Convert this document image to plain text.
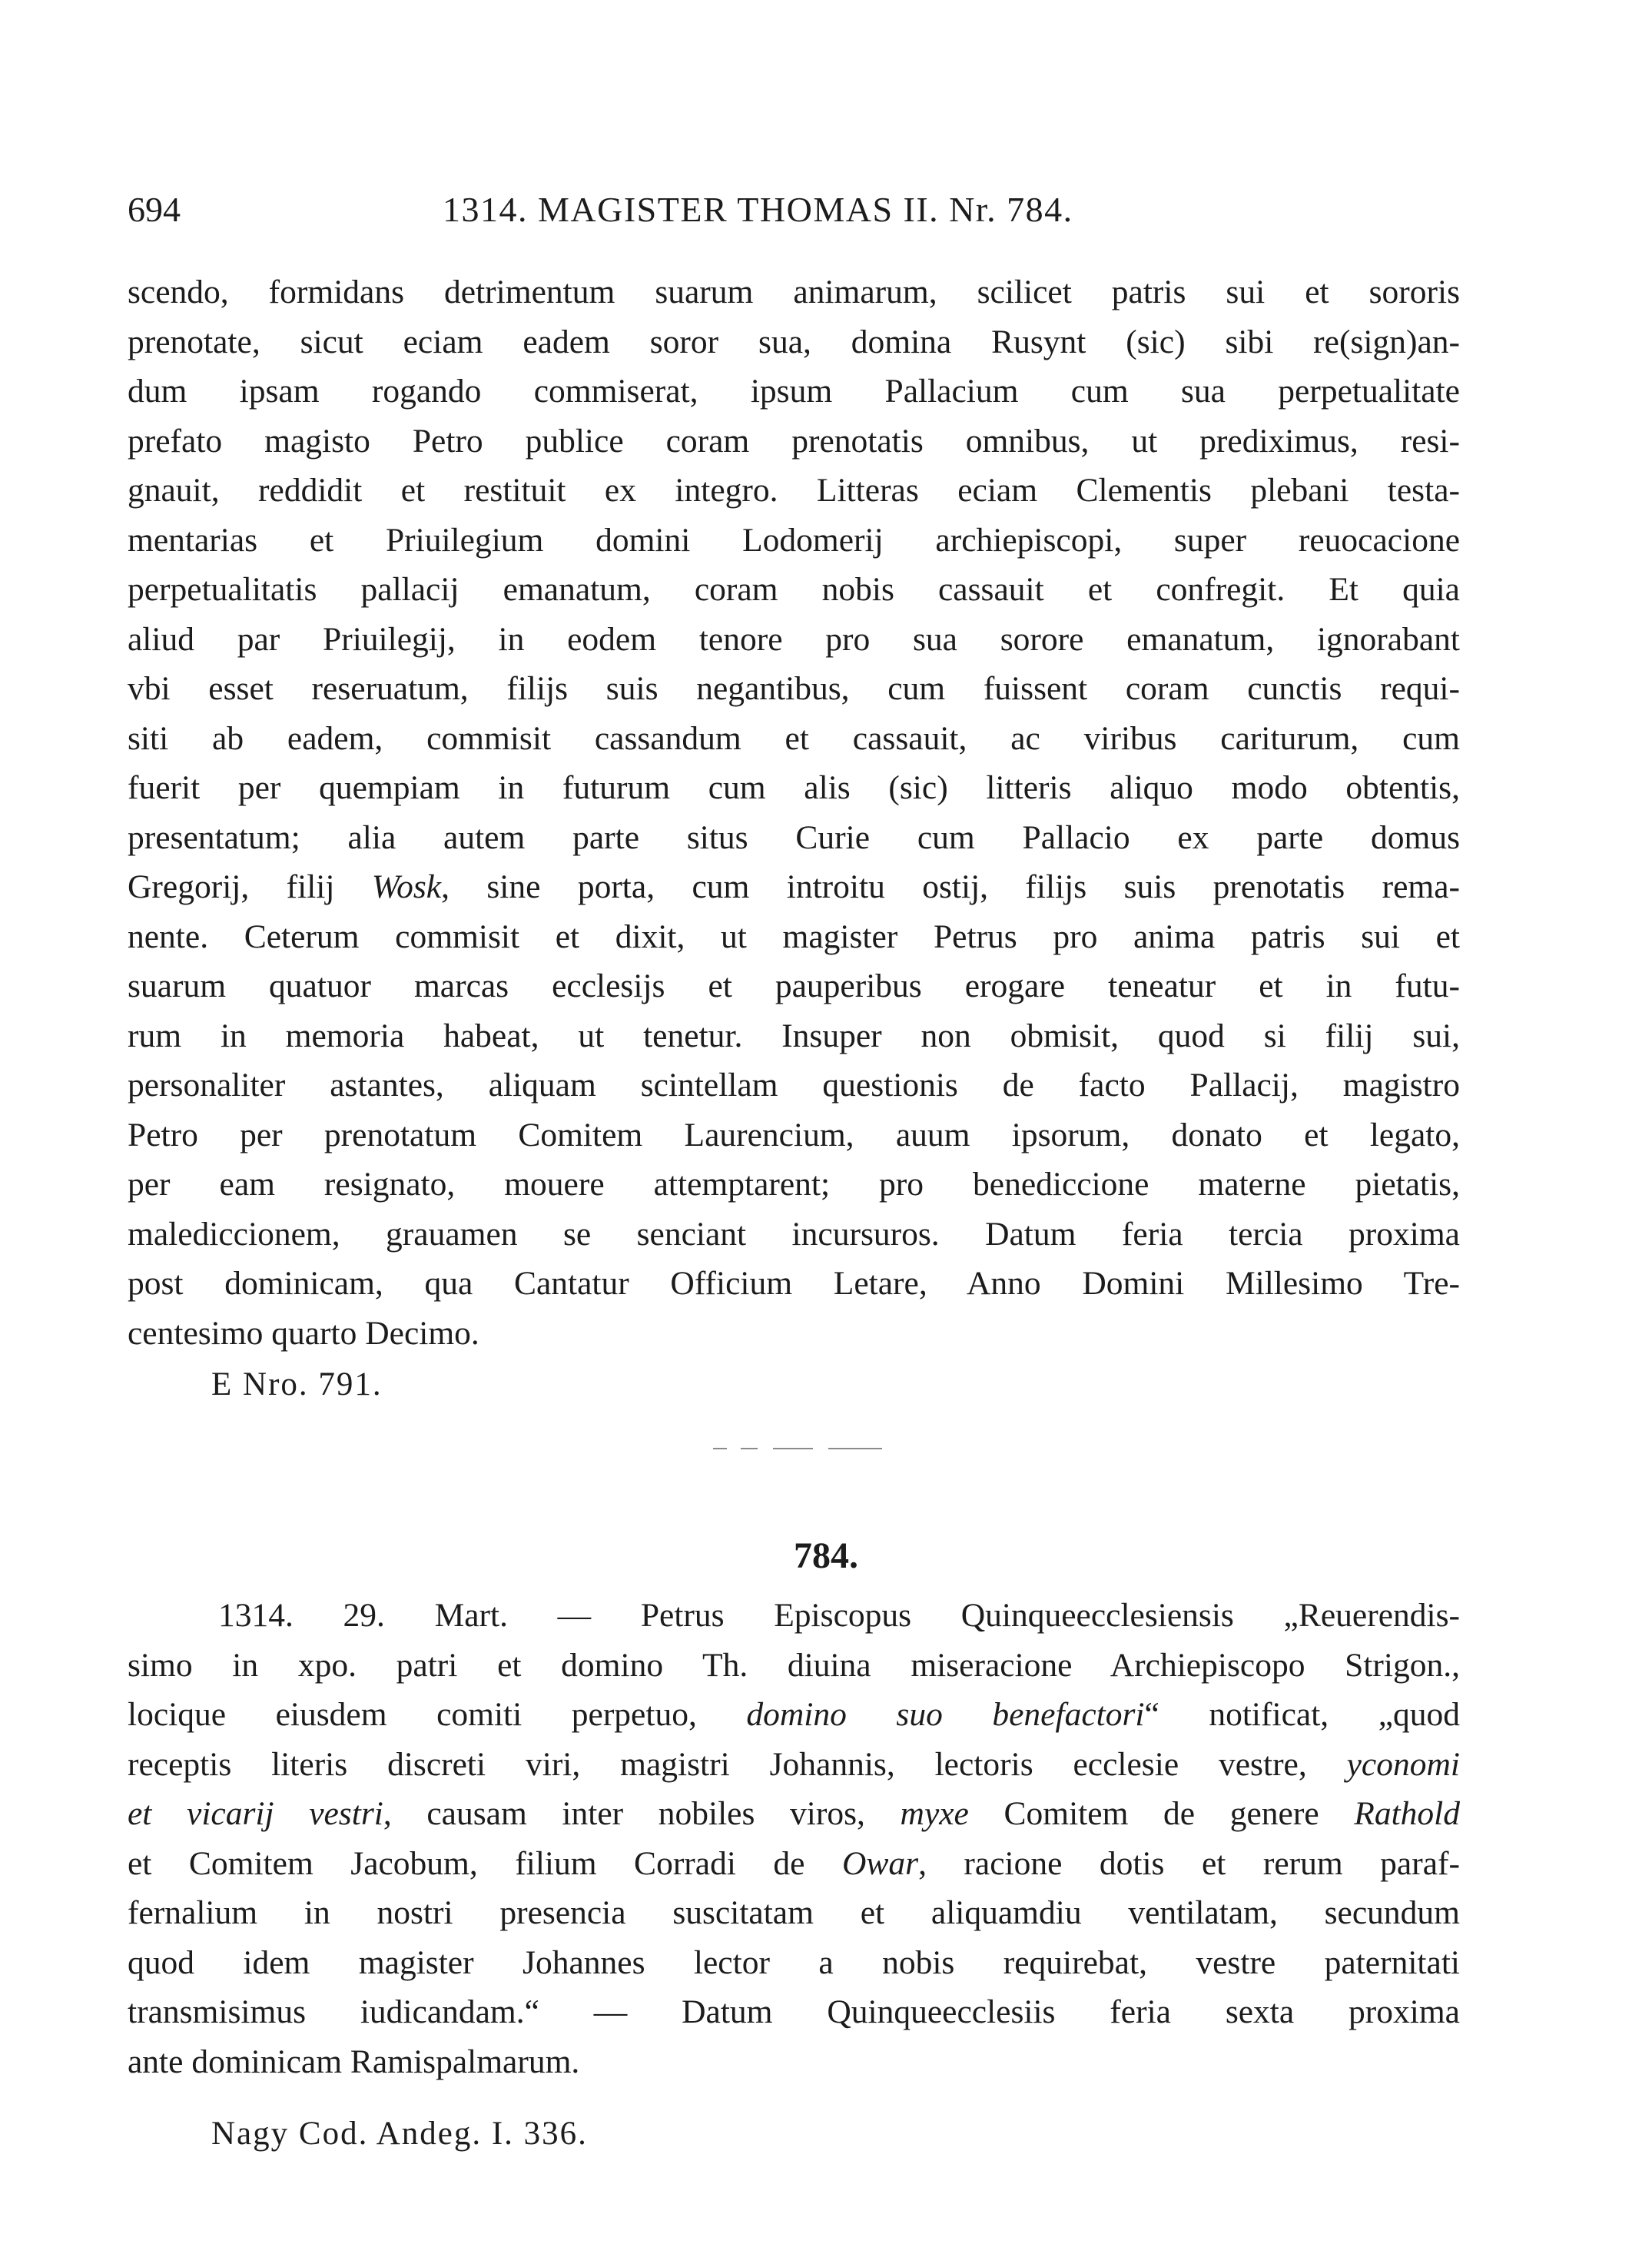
694	1314. MAGISTER THOMAS II. Nr. 784.
scendo, formidans detrimentum suarum animarum, scilicet patris sui et sororis
prenotate, sicut eciam eadem soror sua, domina Rusynt (sic) sibi re(sign)an-
dum ipsam rogando commiserat, ipsum Pallacium cum sua perpetualitate
prefato magisto Petro publice coram prenotatis omnibus, ut prediximus, resi-
gnauit, reddidit et restituit ex integro. Litteras eciam Clementis plebani testa-
mentarias et Priuilegium domini Lodomerij archiepiscopi, super reuocacione
perpetualitatis pallacij emanatum, coram nobis cassauit et confregit. Et quia
aliud par Priuilegij, in eodem tenore pro sua sorore emanatum, ignorabant
vbi esset reseruatum, filijs suis negantibus, cum fuissent coram cunctis requi-
siti ab eadem, commisit cassandum et cassauit, ac viribus cariturum, cum
fuerit per quempiam in futurum cum alis (sic) litteris aliquo modo obtentis,
presentatum; alia autem parte situs Curie cum Pallacio ex parte domus
Gregorij, filij Wosk, sine porta, cum introitu ostij, filijs suis prenotatis rema-
nente. Ceterum commisit et dixit, ut magister Petrus pro anima patris sui et
suarum quatuor marcas ecclesijs et pauperibus erogare teneatur et in futu-
rum in memoria habeat, ut tenetur. Insuper non obmisit, quod si filij sui,
personaliter astantes, aliquam scintellam questionis de facto Pallacij, magistro
Petro per prenotatum Comitem Laurencium, auum ipsorum, donato et legato,
per eam resignato, mouere attemptarent; pro benediccione materne pietatis,
malediccionem, grauamen se senciant incursuros. Datum feria tercia proxima
post dominicam, qua Cantatur Officium Letare, Anno Domini Millesimo Tre-
centesimo quarto Decimo.
E Nro. 791.
784.
1314. 29. Mart. — Petrus Episcopus Quinqueecclesiensis „Reuerendis-
simo in xpo. patri et domino Th. diuina miseracione Archiepiscopo Strigon.,
locique eiusdem comiti perpetuo, domino suo benefactori“ notificat, „quod
receptis literis discreti viri, magistri Johannis, lectoris ecclesie vestre, yconomi
et vicarij vestri, causam inter nobiles viros, myxe Comitem de genere Rathold
et Comitem Jacobum, filium Corradi de Owar, racione dotis et rerum paraf-
fernalium in nostri presencia suscitatam et aliquamdiu ventilatam, secundum
quod idem magister Johannes lector a nobis requirebat, vestre paternitati
transmisimus iudicandam.“ — Datum Quinqueecclesiis feria sexta proxima
ante dominicam Ramispalmarum.
Nagy Cod. Andeg. I. 336.
